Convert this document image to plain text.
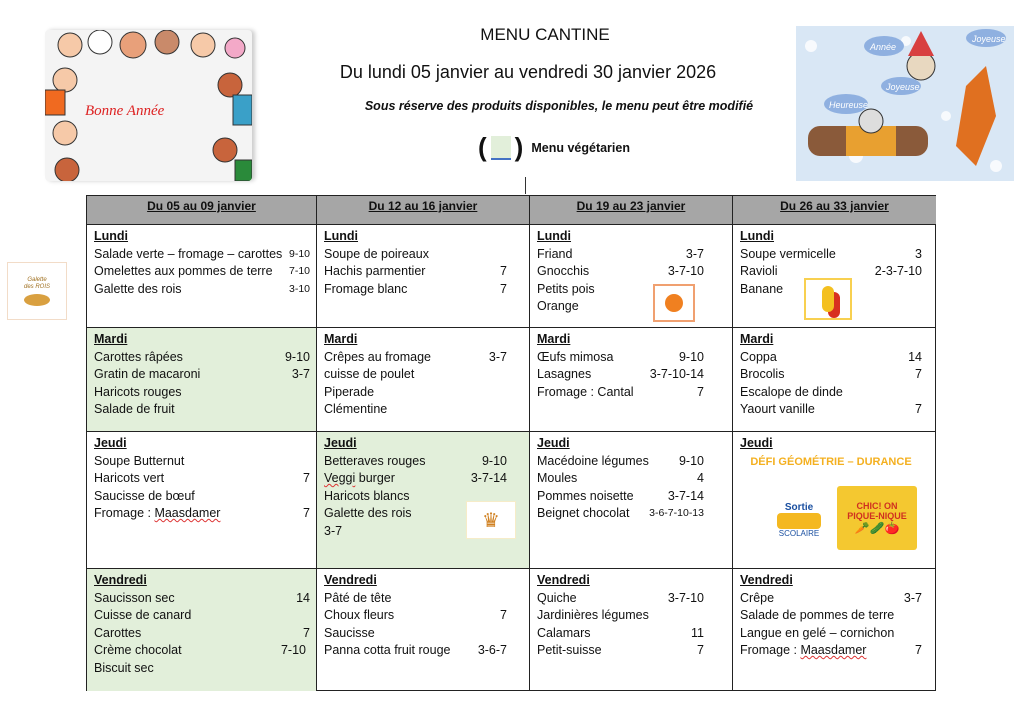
MENU CANTINE
Du lundi 05 janvier au vendredi 30 janvier 2026
Sous réserve des produits disponibles, le menu peut être modifié
( ) Menu végétarien
Bonne Année
Année
Joyeuse
Heureuse
Joyeuse
Galette des ROIS
Du 05 au 09 janvier
Lundi
Salade verte – fromage – carottes 9-10
Omelettes aux pommes de terre 7-10
Galette des rois	3-10
Mardi
Carottes râpées	9-10
Gratin de macaroni	3-7
Haricots rouges
Salade de fruit
Jeudi
Soupe Butternut
Haricots vert	7
Saucisse de bœuf
Fromage : Maasdamer	7
Vendredi
Saucisson sec	14
Cuisse de canard
Carottes	7
Crème chocolat	7-10
Biscuit sec
Du 12 au 16 janvier
Lundi
Soupe de poireaux
Hachis parmentier	7
Fromage blanc	7
Mardi
Crêpes au fromage	3-7
cuisse de poulet
Piperade
Clémentine
Jeudi
Betteraves rouges	9-10
Veggi burger	3-7-14
Haricots blancs
Galette des rois
3-7
Vendredi
Pâté de tête
Choux fleurs	7
Saucisse
Panna cotta fruit rouge 3-6-7
Du 19 au 23 janvier
Lundi
Friand	3-7
Gnocchis	3-7-10
Petits pois
Orange
Mardi
Œufs mimosa	9-10
Lasagnes	3-7-10-14
Fromage : Cantal	7
Jeudi
Macédoine légumes 9-10
Moules	4
Pommes noisette	3-7-14
Beignet chocolat 3-6-7-10-13
Vendredi
Quiche	3-7-10
Jardinières légumes
Calamars	11
Petit-suisse	7
Du 26 au 33 janvier
Lundi
Soupe vermicelle	3
Ravioli	2-3-7-10
Banane
Mardi
Coppa	14
Brocolis	7
Escalope de dinde
Yaourt vanille	7
Jeudi
DÉFI GÉOMÉTRIE – DURANCE
Vendredi
Crêpe	3-7
Salade de pommes de terre
Langue en gelé – cornichon
Fromage : Maasdamer	7
♛
Sortie
SCOLAIRE
CHIC! ON PIQUE-NIQUE
🥕🥒🍅
